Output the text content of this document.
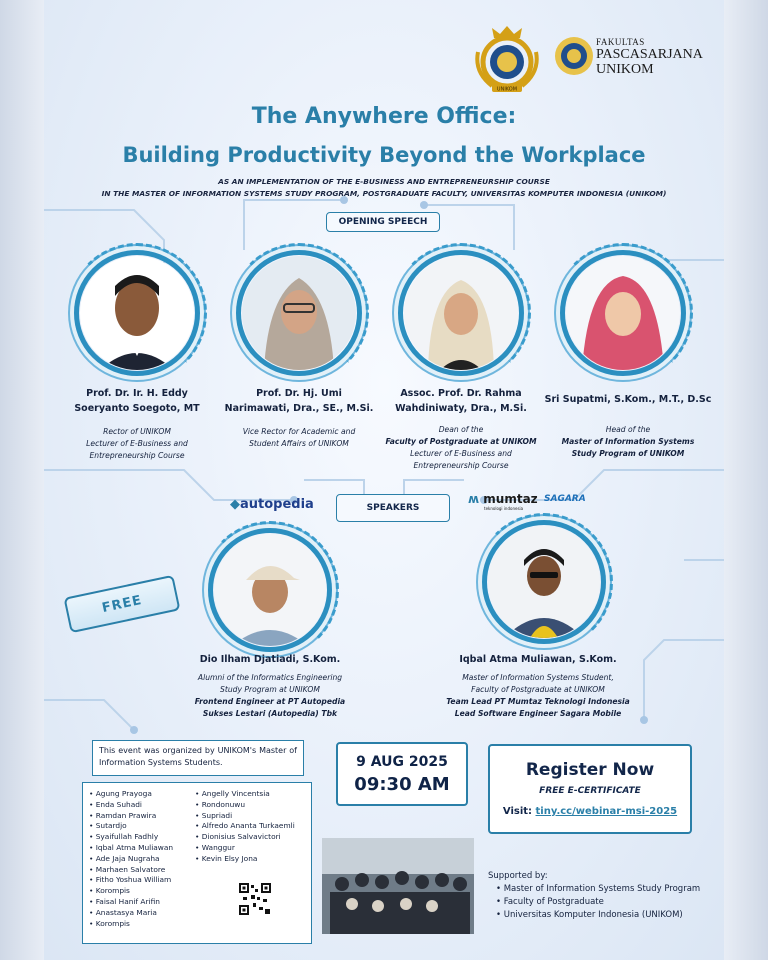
UNIKOM
FAKULTAS
PASCASARJANA
UNIKOM
The Anywhere Office:
Building Productivity Beyond the Workplace
AS AN IMPLEMENTATION OF THE E-BUSINESS AND ENTREPRENEURSHIP COURSE
IN THE MASTER OF INFORMATION SYSTEMS STUDY PROGRAM, POSTGRADUATE FACULTY, UNIVERSITAS KOMPUTER INDONESIA (UNIKOM)
OPENING SPEECH
Prof. Dr. Ir. H. Eddy
Soeryanto Soegoto, MT
Rector of UNIKOM
Lecturer of E-Business and
Entrepreneurship Course
Prof. Dr. Hj. Umi
Narimawati, Dra., SE., M.Si.
Vice Rector for Academic and
Student Affairs of UNIKOM
Assoc. Prof. Dr. Rahma
Wahdiniwaty, Dra., M.Si.
Dean of the
Faculty of Postgraduate at UNIKOM
Lecturer of E-Business and
Entrepreneurship Course
Sri Supatmi, S.Kom., M.T., D.Sc
Head of the
Master of Information Systems
Study Program of UNIKOM
◆autopedia	SPEAKERS
ʍ mumtaz
teknologi indonesia
SAGARA
FREE
Dio Ilham Djatiadi, S.Kom.
Alumni of the Informatics Engineering
Study Program at UNIKOM
Frontend Engineer at PT Autopedia
Sukses Lestari (Autopedia) Tbk
Iqbal Atma Muliawan, S.Kom.
Master of Information Systems Student,
Faculty of Postgraduate at UNIKOM
Team Lead PT Mumtaz Teknologi Indonesia
Lead Software Engineer Sagara Mobile
This event was organized by UNIKOM's Master of Information Systems Students.
• Agung Prayoga
• Enda Suhadi
• Ramdan Prawira
• Sutardjo
• Syaifullah Fadhly
• Iqbal Atma Muliawan
• Ade Jaja Nugraha
• Marhaen Salvatore
• Fitho Yoshua William
• Korompis
• Faisal Hanif Arifin
• Anastasya Maria
• Korompis
• Angelly Vincentsia
• Rondonuwu
• Supriadi
• Alfredo Ananta Turkaemli
• Dionisius Salvavictori
• Wanggur
• Kevin Elsy Jona
9 AUG 2025
09:30 AM
Register Now
FREE E-CERTIFICATE
Visit: tiny.cc/webinar-msi-2025
Supported by:
• Master of Information Systems Study Program
• Faculty of Postgraduate
• Universitas Komputer Indonesia (UNIKOM)
